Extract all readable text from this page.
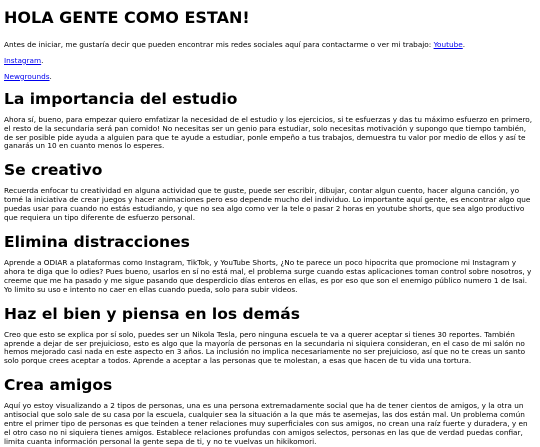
HOLA GENTE COMO ESTAN!

Antes de iniciar, me gustaría decir que pueden encontrar mis redes sociales aquí para contactarme o ver mi trabajo: Youtube.

Instagram.

Newgrounds.

La importancia del estudio

Ahora sí, bueno, para empezar quiero emfatizar la necesidad de el estudio y los ejercicios, si te esfuerzas y das tu máximo esfuerzo en primero, el resto de la secundaria será pan comido! No necesitas ser un genio para estudiar, solo necesitas motivación y supongo que tiempo también, de ser posible pide ayuda a alguien para que te ayude a estudiar, ponle empeño a tus trabajos, demuestra tu valor por medio de ellos y así te ganarás un 10 en cuanto menos lo esperes.

Se creativo

Recuerda enfocar tu creatividad en alguna actividad que te guste, puede ser escribir, dibujar, contar algun cuento, hacer alguna canción, yo tomé la iniciativa de crear juegos y hacer animaciones pero eso depende mucho del individuo. Lo importante aquí gente, es encontrar algo que puedas usar para cuando no estás estudiando, y que no sea algo como ver la tele o pasar 2 horas en youtube shorts, que sea algo productivo que requiera un tipo diferente de esfuerzo personal.

Elimina distracciones

Aprende a ODIAR a plataformas como Instagram, TikTok, y YouTube Shorts, ¿No te parece un poco hipocrita que promocione mi Instagram y ahora te diga que lo odies? Pues bueno, usarlos en sí no está mal, el problema surge cuando estas aplicaciones toman control sobre nosotros, y creeme que me ha pasado y me sigue pasando que desperdicio días enteros en ellas, es por eso que son el enemigo público numero 1 de Isai. Yo limito su uso e intento no caer en ellas cuando pueda, solo para subir videos.

Haz el bien y piensa en los demás

Creo que esto se explica por sí solo, puedes ser un Nikola Tesla, pero ninguna escuela te va a querer aceptar si tienes 30 reportes. También aprende a dejar de ser prejuicioso, esto es algo que la mayoría de personas en la secundaria ni siquiera consideran, en el caso de mi salón no hemos mejorado casi nada en este aspecto en 3 años. La inclusión no implica necesariamente no ser prejuicioso, así que no te creas un santo solo porque crees aceptar a todos. Aprende a aceptar a las personas que te molestan, a esas que hacen de tu vida una tortura.

Crea amigos

Aquí yo estoy visualizando a 2 tipos de personas, una es una persona extremadamente social que ha de tener cientos de amigos, y la otra un antisocial que solo sale de su casa por la escuela, cualquier sea la situación a la que más te asemejas, las dos están mal. Un problema común entre el primer tipo de personas es que teinden a tener relaciones muy superficiales con sus amigos, no crean una raíz fuerte y duradera, y en el otro caso no ni siquiera tienes amigos. Establece relaciones profundas con amigos selectos, personas en las que de verdad puedas confiar, limita cuanta información personal la gente sepa de ti, y no te vuelvas un hikikomori.
